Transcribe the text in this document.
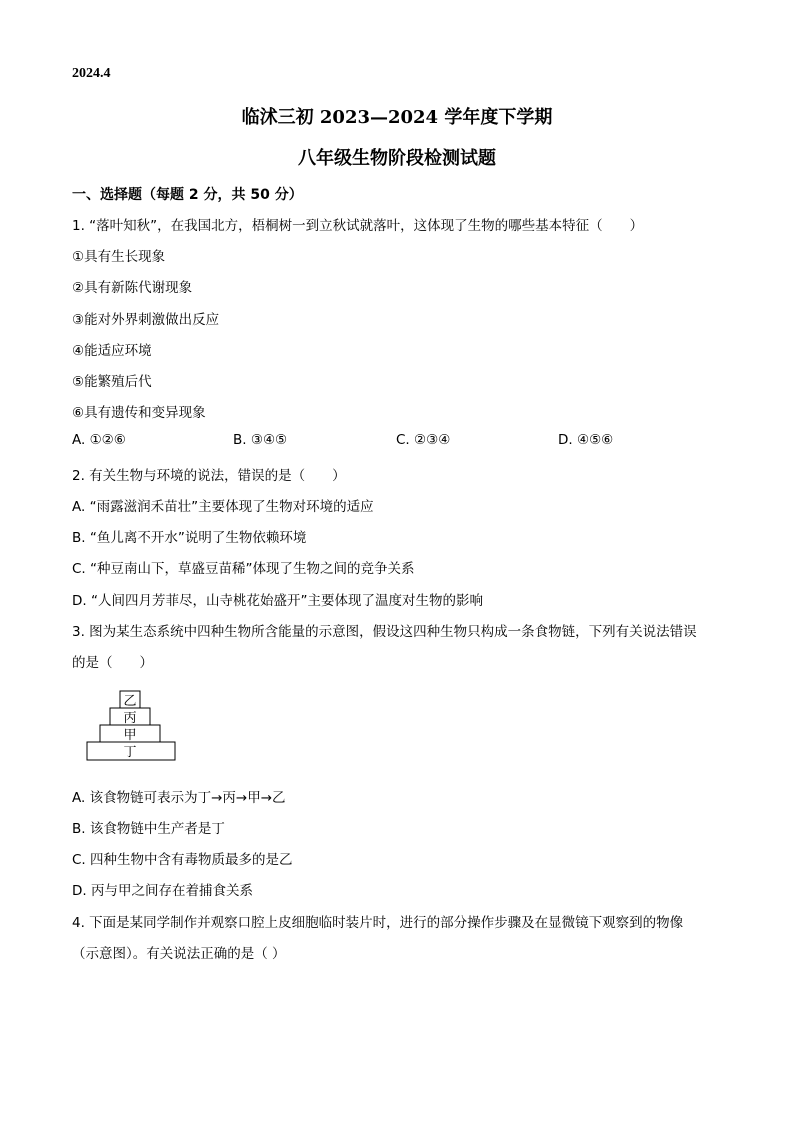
2024.4
临沭三初 2023—2024 学年度下学期
八年级生物阶段检测试题
一、选择题（每题 2 分，共 50 分）
1. “落叶知秋”，在我国北方，梧桐树一到立秋试就落叶，这体现了生物的哪些基本特征（　　）
①具有生长现象
②具有新陈代谢现象
③能对外界刺激做出反应
④能适应环境
⑤能繁殖后代
⑥具有遗传和变异现象
A. ①②⑥	B. ③④⑤	C. ②③④	D. ④⑤⑥
2. 有关生物与环境的说法，错误的是（　　）
A. “雨露滋润禾苗壮”主要体现了生物对环境的适应
B. “鱼儿离不开水”说明了生物依赖环境
C. “种豆南山下，草盛豆苗稀”体现了生物之间的竞争关系
D. “人间四月芳菲尽，山寺桃花始盛开”主要体现了温度对生物的影响
3. 图为某生态系统中四种生物所含能量的示意图，假设这四种生物只构成一条食物链，下列有关说法错误
的是（　　）
乙
丙
甲
丁
A. 该食物链可表示为丁→丙→甲→乙
B. 该食物链中生产者是丁
C. 四种生物中含有毒物质最多的是乙
D. 丙与甲之间存在着捕食关系
4. 下面是某同学制作并观察口腔上皮细胞临时装片时，进行的部分操作步骤及在显微镜下观察到的物像
（示意图）。有关说法正确的是（ ）
